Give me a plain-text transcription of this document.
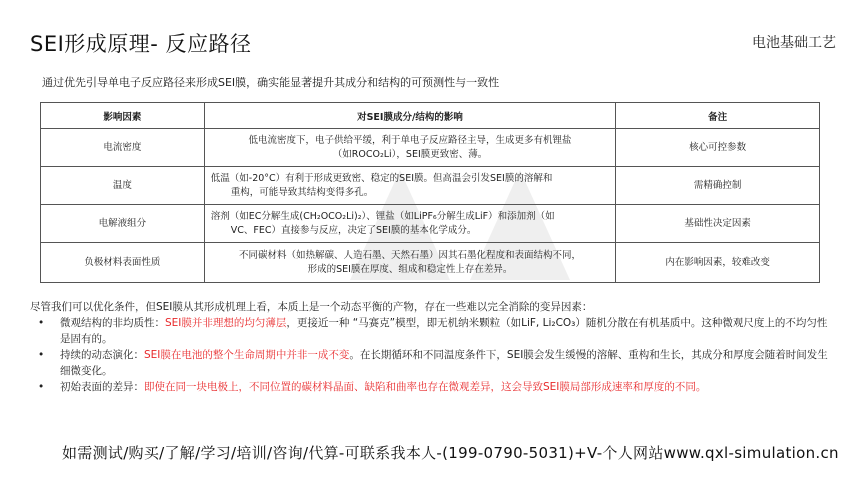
SEI形成原理- 反应路径	电池基础工艺
通过优先引导单电子反应路径来形成SEI膜，确实能显著提升其成分和结构的可预测性与一致性
影响因素	对SEI膜成分/结构的影响	备注
电流密度	低电流密度下，电子供给平缓，利于单电子反应路径主导，生成更多有机锂盐
（如ROCO₂Li），SEI膜更致密、薄。	核心可控参数
温度	低温（如-20°C）有利于形成更致密、稳定的SEI膜。但高温会引发SEI膜的溶解和
重构，可能导致其结构变得多孔。	需精确控制
电解液组分	溶剂（如EC分解生成(CH₂OCO₂Li)₂）、锂盐（如LiPF₆分解生成LiF）和添加剂（如
VC、FEC）直接参与反应，决定了SEI膜的基本化学成分。	基础性决定因素
负极材料表面性质	不同碳材料（如热解碳、人造石墨、天然石墨）因其石墨化程度和表面结构不同，
形成的SEI膜在厚度、组成和稳定性上存在差异。	内在影响因素，较难改变
尽管我们可以优化条件，但SEI膜从其形成机理上看，本质上是一个动态平衡的产物，存在一些难以完全消除的变异因素：
• 微观结构的非均质性：SEI膜并非理想的均匀薄层，更接近一种 “马赛克”模型，即无机纳米颗粒（如LiF, Li₂CO₃）随机分散在有机基质中。这种微观尺度上的不均匀性是固有的。
• 持续的动态演化：SEI膜在电池的整个生命周期中并非一成不变。在长期循环和不同温度条件下，SEI膜会发生缓慢的溶解、重构和生长，其成分和厚度会随着时间发生细微变化。
• 初始表面的差异：即使在同一块电极上，不同位置的碳材料晶面、缺陷和曲率也存在微观差异，这会导致SEI膜局部形成速率和厚度的不同。
如需测试/购买/了解/学习/培训/咨询/代算-可联系我本人-(199-0790-5031)+V-个人网站www.qxl-simulation.cn
